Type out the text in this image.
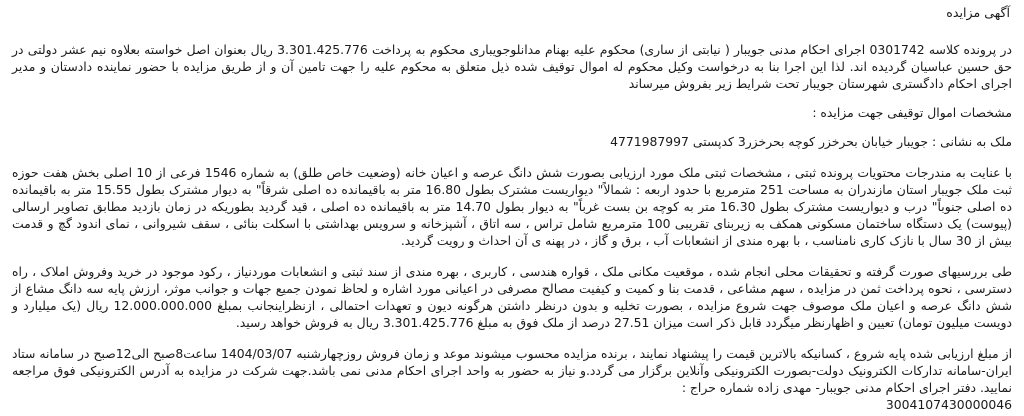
آگهی مزایده

در پرونده کلاسه 0301742 اجرای احکام مدنی جویبار ( نیابتی از ساری) محکوم علیه بهنام مدانلوجویباری محکوم به پرداخت 3.301.425.776 ریال بعنوان اصل خواسته بعلاوه نیم عشر دولتی در حق حسین عباسیان گردیده اند. لذا این اجرا بنا به درخواست وکیل محکوم له اموال توقیف شده ذیل متعلق به محکوم علیه را جهت تامین آن و از طریق مزایده با حضور نماینده دادستان و مدیر اجرای احکام دادگستری شهرستان جویبار تحت شرایط زیر بفروش میرساند

مشخصات اموال توقیفی جهت مزایده :

ملک به نشانی : جویبار خیابان بحرخزر کوچه بحرخزر3 کدپستی 4771987997

با عنایت به مندرجات محتویات پرونده ثبتی ، مشخصات ثبتی ملک مورد ارزیابی بصورت شش دانگ عرصه و اعیان خانه (وضعیت خاص طلق) به شماره 1546 فرعی از 10 اصلی بخش هفت حوزه ثبت ملک جویبار استان مازندران به مساحت 251 مترمربع با حدود اربعه : شمالاً" دیواریست مشترک بطول 16.80 متر به باقیمانده ده اصلی شرقاً" به دیوار مشترک بطول 15.55 متر به باقیمانده ده اصلی جنوباً" درب و دیواریست مشترک بطول 16.30 متر به کوچه بن بست غرباً" به دیوار بطول 14.70 متر به باقیمانده ده اصلی ، قید گردید بطوریکه در زمان بازدید مطابق تصاویر ارسالی (پیوست) یک دستگاه ساختمان مسکونی همکف به زیربنای تقریبی 100 مترمربع شامل تراس ، سه اتاق ، آشپزخانه و سرویس بهداشتی با اسکلت بنائی ، سقف شیروانی ، نمای اندود گچ و قدمت بیش از 30 سال با نازک کاری نامناسب ، با بهره مندی از انشعابات آب ، برق و گاز ، در پهنه ی آن احداث و رویت گردید.

طی بررسیهای صورت گرفته و تحقیقات محلی انجام شده ، موقعیت مکانی ملک ، قواره هندسی ، کاربری ، بهره مندی از سند ثبتی و انشعابات موردنیاز ، رکود موجود در خرید وفروش املاک ، راه دسترسی ، نحوه پرداخت ثمن در مزایده ، سهم مشاعی ، قدمت بنا و کمیت و کیفیت مصالح مصرفی در اعیانی مورد اشاره و لحاظ نمودن جمیع جهات و جوانب موثر، ارزش پایه سه دانگ مشاع از شش دانگ عرصه و اعیان ملک موصوف جهت شروع مزایده ، بصورت تخلیه و بدون درنظر داشتن هرگونه دیون و تعهدات احتمالی ، ازنظراینجانب بمبلغ 12.000.000.000 ریال (یک میلیارد و دویست میلیون تومان) تعیین و اظهارنظر میگردد قابل ذکر است میزان 27.51 درصد از ملک فوق به مبلغ 3.301.425.776 ریال به فروش خواهد رسید.

از مبلغ ارزیابی شده پایه شروع ، کسانیکه بالاترین قیمت را پیشنهاد نمایند ، برنده مزایده محسوب میشوند موعد و زمان فروش روزچهارشنبه 1404/03/07 ساعت8صبح الی12صبح در سامانه ستاد ایران-سامانه تدارکات الکترونیک دولت-بصورت الکترونیکی وآنلاین برگزار می گردد.و نیاز به حضور به واحد اجرای احکام مدنی نمی باشد.جهت شرکت در مزایده به آدرس الکترونیکی فوق مراجعه نمایید. دفتر اجرای احکام مدنی جویبار- مهدی زاده شماره حراج :

3004107430000046
